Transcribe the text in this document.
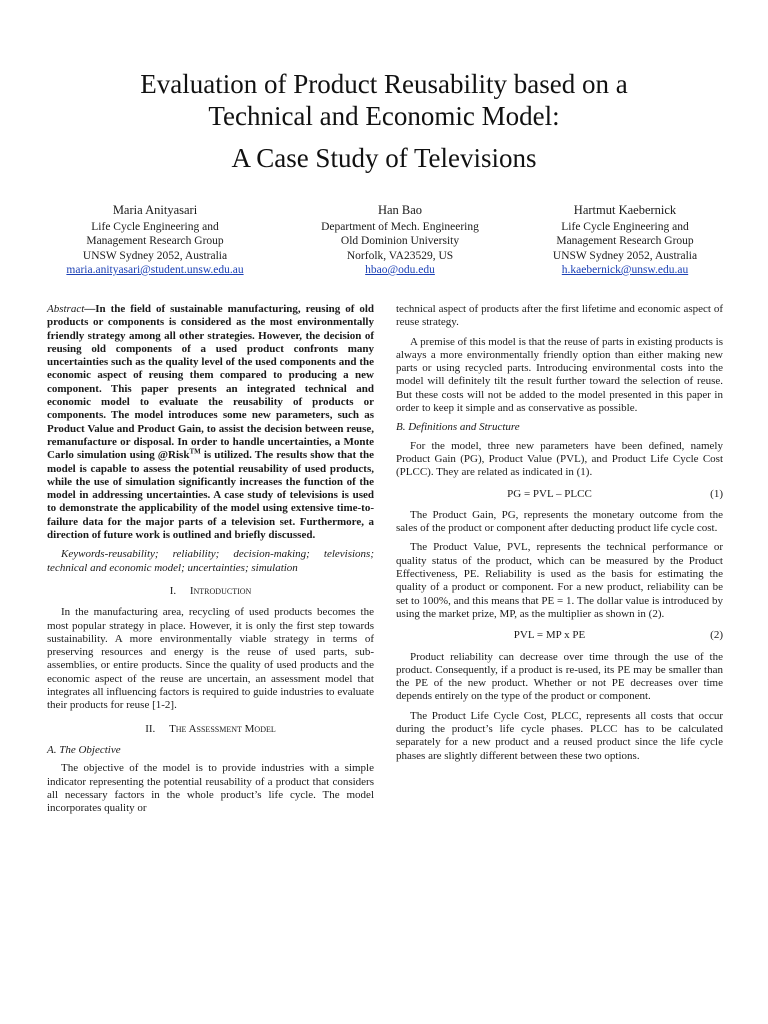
Evaluation of Product Reusability based on a
Technical and Economic Model:
A Case Study of Televisions
Maria Anityasari
Life Cycle Engineering and
Management Research Group
UNSW Sydney 2052, Australia
maria.anityasari@student.unsw.edu.au
Han Bao
Department of Mech. Engineering
Old Dominion University
Norfolk, VA23529, US
hbao@odu.edu
Hartmut Kaebernick
Life Cycle Engineering and
Management Research Group
UNSW Sydney 2052, Australia
h.kaebernick@unsw.edu.au

Abstract—In the field of sustainable manufacturing, reusing of old products or components is considered as the most environmentally friendly strategy among all other strategies. However, the decision of reusing old components of a used product confronts many uncertainties such as the quality level of the used components and the economic aspect of reusing them compared to producing a new component. This paper presents an integrated technical and economic model to evaluate the reusability of products or components. The model introduces some new parameters, such as Product Value and Product Gain, to assist the decision between reuse, remanufacture or disposal. In order to handle uncertainties, a Monte Carlo simulation using @Risk™ is utilized. The results show that the model is capable to assess the potential reusability of used products, while the use of simulation significantly increases the function of the model in addressing uncertainties. A case study of televisions is used to demonstrate the applicability of the model using extensive time-to-failure data for the major parts of a television set. Furthermore, a direction of future work is outlined and briefly discussed.

Keywords-reusability; reliability; decision-making; televisions; technical and economic model; uncertainties; simulation

I. Introduction

In the manufacturing area, recycling of used products becomes the most popular strategy in place. However, it is only the first step towards sustainability. A more environmentally viable strategy in terms of preserving resources and energy is the reuse of used parts, sub-assemblies, or entire products. Since the quality of used products and the economic aspect of the reuse are uncertain, an assessment model that integrates all influencing factors is required to guide industries to evaluate their products for reuse [1-2].

II. The Assessment Model
A. The Objective

The objective of the model is to provide industries with a simple indicator representing the potential reusability of a product that considers all necessary factors in the whole product’s life cycle. The model incorporates quality or

technical aspect of products after the first lifetime and economic aspect of reuse strategy.

A premise of this model is that the reuse of parts in existing products is always a more environmentally friendly option than either making new parts or using recycled parts. Introducing environmental costs into the model will definitely tilt the result further toward the selection of reuse. But these costs will not be added to the model presented in this paper in order to keep it simple and as conservative as possible.

B. Definitions and Structure

For the model, three new parameters have been defined, namely Product Gain (PG), Product Value (PVL), and Product Life Cycle Cost (PLCC). They are related as indicated in (1).

PG = PVL – PLCC	(1)

The Product Gain, PG, represents the monetary outcome from the sales of the product or component after deducting product life cycle cost.

The Product Value, PVL, represents the technical performance or quality status of the product, which can be measured by the Product Effectiveness, PE. Reliability is used as the basis for estimating the quality of a product or component. For a new product, reliability can be set to 100%, and this means that PE = 1. The dollar value is introduced by using the market prize, MP, as the multiplier as shown in (2).

PVL = MP x PE	(2)

Product reliability can decrease over time through the use of the product. Consequently, if a product is re-used, its PE may be smaller than the PE of the new product. Whether or not PE decreases over time depends entirely on the type of the product or component.

The Product Life Cycle Cost, PLCC, represents all costs that occur during the product’s life cycle phases. PLCC has to be calculated separately for a new product and a reused product since the life cycle phases are slightly different between these two options.
